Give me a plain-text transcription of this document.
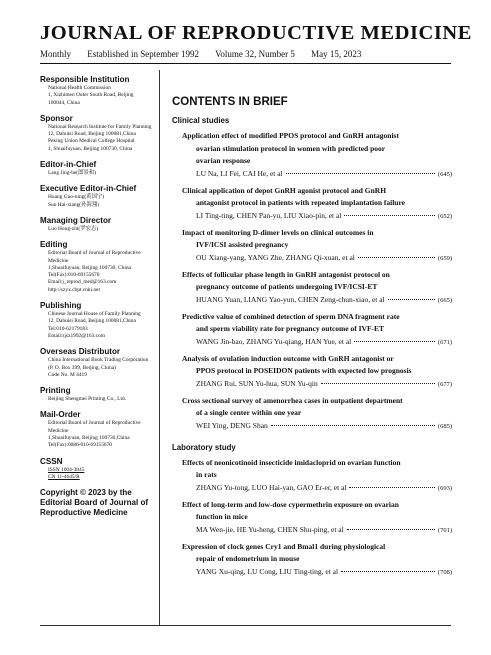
JOURNAL OF REPRODUCTIVE MEDICINE
Monthly Established in September 1992 Volume 32, Number 5 May 15, 2023
Responsible Institution
National Health Commission
1, Xizhimen Outer South Road, Beijing
100044, China
Sponsor
National Research Institute for Family Planning
12, Dahuisi Road, Beijing 100081,China
Peking Union Medical College Hospital
1, Shuaifuyuan, Beijing 100730, China
Editor-in-Chief
Lang Jing-he(郎景和)
Executive Editor-in-Chief
Huang Guo-ning(黄国宁)
Sun Hai-xiang(孙海翔)
Managing Director
Luo Hong-zhi(罗宏志)
Editing
Editorial Board of Journal of Reproductive Medicine
1,Shuaifuyuan, Beijing 100730, China
Tel(Fax):010-69155670
Email:j_reprod_med@163.com
http://szyx.cbpt.cnki.net
Publishing
Chinese Journal House of Family Planning
12, Dahuisi Road, Beijing 100081,China
Tel:010-62179183
Email:sjsz1992@163.com
Overseas Distributor
China International Book Trading Corporation
(P. O. Box 399, Beijing, China)
Code No. M 4419
Printing
Beijing Shengmei Printing Co., Ltd.
Mail-Order
Editorial Board of Journal of Reproductive Medicine
1,Shuaifuyuan, Beijing 100730,China
Tel(Fax):0086-010-69155670
CSSN
ISSN 1004-3845
CN 11-4645/R
Copyright © 2023 by the
Editorial Board of Journal of
Reproductive Medicine
CONTENTS IN BRIEF
Clinical studies
Application effect of modified PPOS protocol and GnRH antagonist
ovarian stimulation protocol in women with predicted poor
ovarian response
LU Na, LI Fei, CAI He, et al	(645)
Clinical application of depot GnRH agonist protocol and GnRH
antagonist protocol in patients with repeated implantation failure
LI Ting-ting, CHEN Pan-yu, LIU Xiao-pin, et al	(652)
Impact of monitoring D-dimer levels on clinical outcomes in
IVF/ICSI assisted pregnancy
OU Xiang-yang, YANG Zhe, ZHANG Qi-xuan, et al	(659)
Effects of follicular phase length in GnRH antagonist protocol on
pregnancy outcome of patients undergoing IVF/ICSI-ET
HUANG Yuan, LIANG Yao-yun, CHEN Zeng-chun-xiao, et al	(665)
Predictive value of combined detection of sperm DNA fragment rate
and sperm viability rate for pregnancy outcome of IVF-ET
WANG Jin-bao, ZHANG Yu-qiang, HAN Yue, et al	(671)
Analysis of ovulation induction outcome with GnRH antagonist or
PPOS protocol in POSEIDON patients with expected low prognosis
ZHANG Rui, SUN Yu-hua, SUN Yu-qin	(677)
Cross sectional survey of amenorrhea cases in outpatient department
of a single center within one year
WEI Ying, DENG Shan	(685)
Laboratory study
Effects of neonicotinoid insecticide imidacloprid on ovarian function
in rats
ZHANG Yu-tong, LUO Hai-yan, GAO Er-er, et al	(693)
Effect of long-term and low-dose cypermethrin exposure on ovarian
function in mice
MA Wen-jie, HE Yu-heng, CHEN Shu-ping, et al	(701)
Expression of clock genes Cry1 and Bmal1 during physiological
repair of endometrium in mouse
YANG Xu-qing, LU Cong, LIU Ting-ting, et al	(708)
